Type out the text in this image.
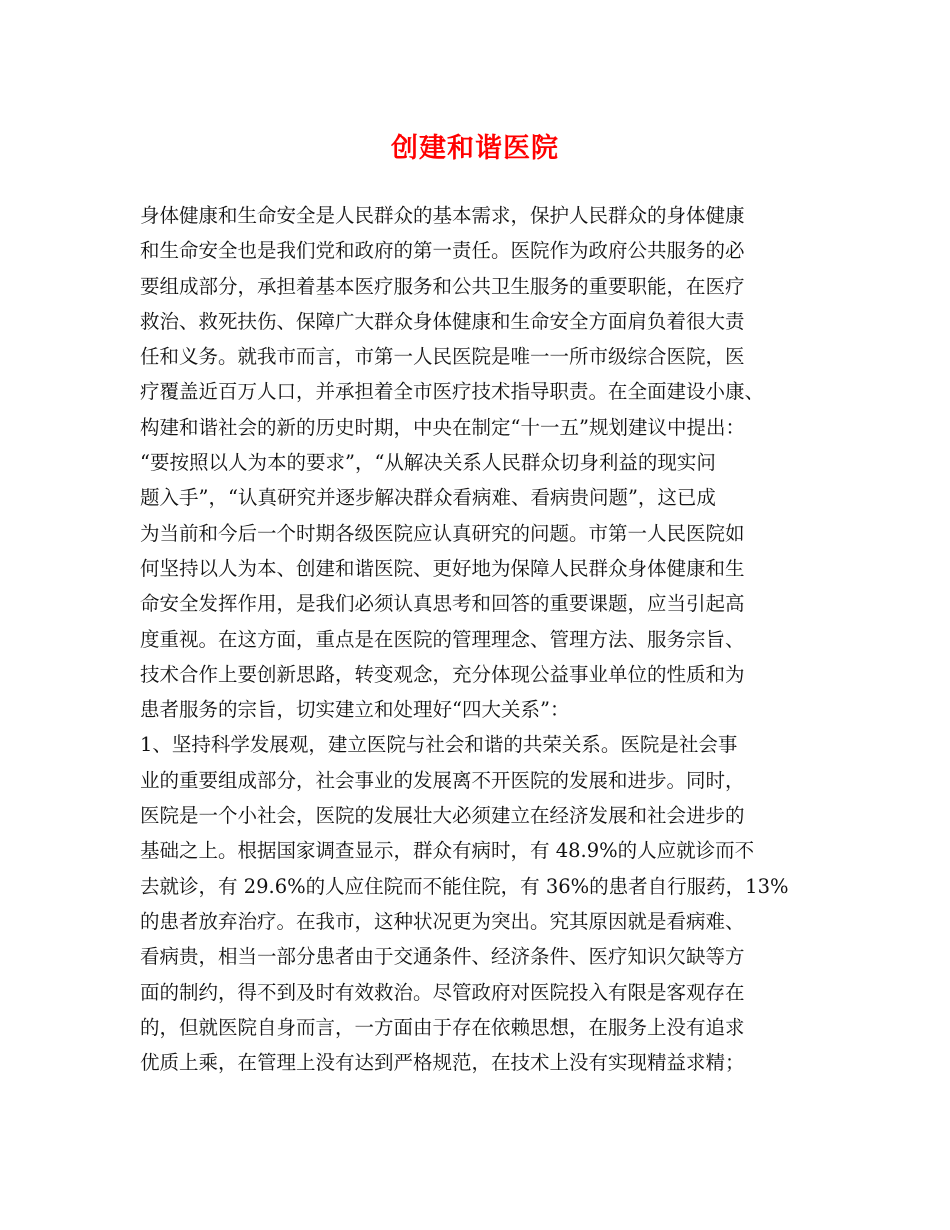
创建和谐医院
身体健康和生命安全是人民群众的基本需求，保护人民群众的身体健康
和生命安全也是我们党和政府的第一责任。医院作为政府公共服务的必
要组成部分，承担着基本医疗服务和公共卫生服务的重要职能，在医疗
救治、救死扶伤、保障广大群众身体健康和生命安全方面肩负着很大责
任和义务。就我市而言，市第一人民医院是唯一一所市级综合医院，医
疗覆盖近百万人口，并承担着全市医疗技术指导职责。在全面建设小康、
构建和谐社会的新的历史时期，中央在制定“十一五”规划建议中提出：
“要按照以人为本的要求”，“从解决关系人民群众切身利益的现实问
题入手”，“认真研究并逐步解决群众看病难、看病贵问题”，这已成
为当前和今后一个时期各级医院应认真研究的问题。市第一人民医院如
何坚持以人为本、创建和谐医院、更好地为保障人民群众身体健康和生
命安全发挥作用，是我们必须认真思考和回答的重要课题，应当引起高
度重视。在这方面，重点是在医院的管理理念、管理方法、服务宗旨、
技术合作上要创新思路，转变观念，充分体现公益事业单位的性质和为
患者服务的宗旨，切实建立和处理好“四大关系”：
1、坚持科学发展观，建立医院与社会和谐的共荣关系。医院是社会事
业的重要组成部分，社会事业的发展离不开医院的发展和进步。同时，
医院是一个小社会，医院的发展壮大必须建立在经济发展和社会进步的
基础之上。根据国家调查显示，群众有病时，有 48.9%的人应就诊而不
去就诊，有 29.6%的人应住院而不能住院，有 36%的患者自行服药，13%
的患者放弃治疗。在我市，这种状况更为突出。究其原因就是看病难、
看病贵，相当一部分患者由于交通条件、经济条件、医疗知识欠缺等方
面的制约，得不到及时有效救治。尽管政府对医院投入有限是客观存在
的，但就医院自身而言，一方面由于存在依赖思想，在服务上没有追求
优质上乘，在管理上没有达到严格规范，在技术上没有实现精益求精；
